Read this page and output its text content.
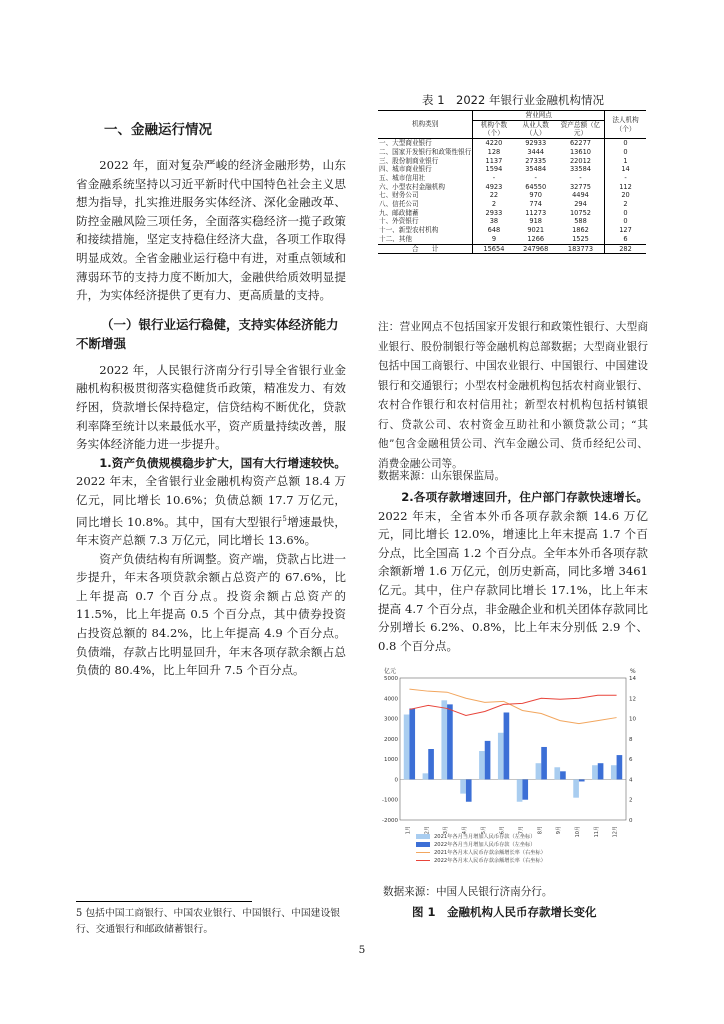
一、金融运行情况

2022 年，面对复杂严峻的经济金融形势，山东省金融系统坚持以习近平新时代中国特色社会主义思想为指导，扎实推进服务实体经济、深化金融改革、防控金融风险三项任务，全面落实稳经济一揽子政策和接续措施，坚定支持稳住经济大盘，各项工作取得明显成效。全省金融业运行稳中有进，对重点领域和薄弱环节的支持力度不断加大，金融供给质效明显提升，为实体经济提供了更有力、更高质量的支持。

（一）银行业运行稳健，支持实体经济能力不断增强

2022 年，人民银行济南分行引导全省银行业金融机构积极贯彻落实稳健货币政策，精准发力、有效纾困，贷款增长保持稳定，信贷结构不断优化，贷款利率降至统计以来最低水平，资产质量持续改善，服务实体经济能力进一步提升。

1.资产负债规模稳步扩大，国有大行增速较快。2022 年末，全省银行业金融机构资产总额 18.4 万亿元，同比增长 10.6%；负债总额 17.7 万亿元，同比增长 10.8%。其中，国有大型银行$^5$增速最快，年末资产总额 7.3 万亿元，同比增长 13.6%。

资产负债结构有所调整。资产端，贷款占比进一步提升，年末各项贷款余额占总资产的 67.6%，比上年提高 0.7 个百分点。投资余额占总资产的 11.5%，比上年提高 0.5 个百分点，其中债券投资占投资总额的 84.2%，比上年提高 4.9 个百分点。负债端，存款占比明显回升，年末各项存款余额占总负债的 80.4%，比上年回升 7.5 个百分点。

表 1　2022 年银行业金融机构情况
机构类别	营业网点			法人机构（个）
	机构个数（个）	从业人数（人）	资产总额（亿元）	
一、大型商业银行	4220	92933	62277	0
二、国家开发银行和政策性银行	128	3444	13610	0
三、股份制商业银行	1137	27335	22012	1
四、城市商业银行	1594	35484	33584	14
五、城市信用社	-	-	-	-
六、小型农村金融机构	4923	64550	32775	112
七、财务公司	22	970	4494	20
八、信托公司	2	774	294	2
九、邮政储蓄	2933	11273	10752	0
十、外资银行	38	918	588	0
十一、新型农村机构	648	9021	1862	127
十二、其他	9	1266	1525	6
合　　计	15654	247968	183773	282

注：营业网点不包括国家开发银行和政策性银行、大型商业银行、股份制银行等金融机构总部数据；大型商业银行包括中国工商银行、中国农业银行、中国银行、中国建设银行和交通银行；小型农村金融机构包括农村商业银行、农村合作银行和农村信用社；新型农村机构包括村镇银行、贷款公司、农村资金互助社和小额贷款公司；“其他”包含金融租赁公司、汽车金融公司、货币经纪公司、消费金融公司等。

数据来源：山东银保监局。

2.各项存款增速回升，住户部门存款快速增长。2022 年末，全省本外币各项存款余额 14.6 万亿元，同比增长 12.0%，增速比上年末提高 1.7 个百分点，比全国高 1.2 个百分点。全年本外币各项存款余额新增 1.6 万亿元，创历史新高，同比多增 3461 亿元。其中，住户存款同比增长 17.1%，比上年末提高 4.7 个百分点，非金融企业和机关团体存款同比分别增长 6.2%、0.8%，比上年末分别低 2.9 个、0.8 个百分点。

亿元	%
5000
4000
3000
2000
1000
0
-1000
-2000
14
12
10
8
6
4
2
0
1月	2月	3月	4月	5月	6月	7月	8月	9月	10月	11月	12月
2021年各月当月增加人民币存款（左坐标）
2022年各月当月增加人民币存款（左坐标）
2021年各月末人民币存款余额增长率（右坐标）
2022年各月末人民币存款余额增长率（右坐标）

数据来源：中国人民银行济南分行。

图 1　金融机构人民币存款增长变化

5 包括中国工商银行、中国农业银行、中国银行、中国建设银行、交通银行和邮政储蓄银行。

5
